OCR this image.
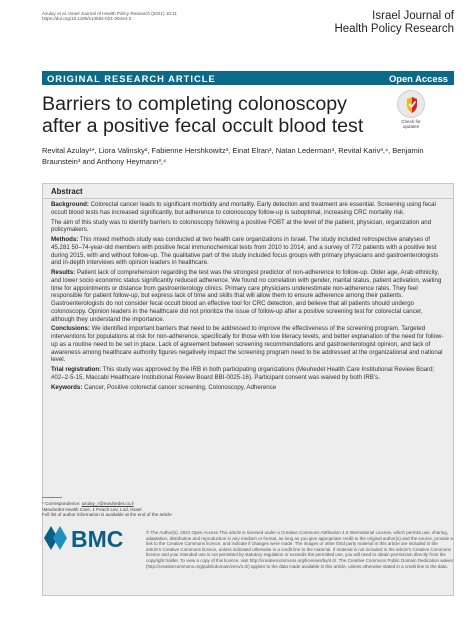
Azulay et al. Israel Journal of Health Policy Research (2021) 10:11
https://doi.org/10.1186/s13584-021-00444-2	Israel Journal of
Health Policy Research
ORIGINAL RESEARCH ARTICLE	Open Access
Barriers to completing colonoscopy after a positive fecal occult blood test	Check for
updates
Revital Azulay¹*, Liora Valinsky², Fabienne Hershkowitz³, Einat Elran³, Natan Lederman³, Revital Kariv³,⁴, Benjamin Braunstein³ and Anthony Heymann³,⁴
Abstract

Background: Colorectal cancer leads to significant morbidity and mortality. Early detection and treatment are essential. Screening using fecal occult blood tests has increased significantly, but adherence to colonoscopy follow-up is suboptimal, increasing CRC mortality risk.

The aim of this study was to identify barriers to colonoscopy following a positive FOBT at the level of the patient, physician, organization and policymakers.

Methods: This mixed methods study was conducted at two health care organizations in Israel. The study included retrospective analyses of 45,281 50–74-year-old members with positive fecal immunochemical tests from 2010 to 2014, and a survey of 772 patients with a positive test during 2015, with and without follow-up. The qualitative part of the study included focus groups with primary physicians and gastroenterologists and in-depth interviews with opinion leaders in healthcare.

Results: Patient lack of comprehension regarding the test was the strongest predictor of non-adherence to follow-up. Older age, Arab ethnicity, and lower socio economic status significantly reduced adherence. We found no correlation with gender, marital status, patient activation, waiting time for appointments or distance from gastroenterology clinics. Primary care physicians underestimate non-adherence rates. They feel responsible for patient follow-up, but express lack of time and skills that will allow them to ensure adherence among their patients. Gastroenterologists do not consider fecal occult blood an effective tool for CRC detection, and believe that all patients should undergo colonoscopy. Opinion leaders in the healthcare did not prioritize the issue of follow-up after a positive screening test for colorectal cancer, although they understand the importance.

Conclusions: We identified important barriers that need to be addressed to improve the effectiveness of the screening program. Targeted interventions for populations at risk for non-adherence, specifically for those with low literacy levels, and better explanation of the need for follow-up as a routine need to be set in place. Lack of agreement between screening recommendations and gastroenterologist opinion, and lack of awareness among healthcare authority figures negatively impact the screening program need to be addressed at the organizational and national level.

Trial registration: This study was approved by the IRB in both participating organizations (Meuhedet Health Care Institutional Review Board; #02–2-5-15, Maccabi Healthcare Institutional Review Board BBI-0025-16). Participant consent was waived by both IRB’s.

Keywords: Cancer, Positive colorectal cancer screening, Colonoscopy, Adherence

* Correspondence: azulay_r@meuhedet.co.il
¹Meuhedet Health Care, 1 Peach Lev, Lod, Israel
Full list of author information is available at the end of the article
BMC	© The Author(s). 2021 Open Access This article is licensed under a Creative Commons Attribution 4.0 International License, which permits use, sharing, adaptation, distribution and reproduction in any medium or format, as long as you give appropriate credit to the original author(s) and the source, provide a link to the Creative Commons licence, and indicate if changes were made. The images or other third party material in this article are included in the article's Creative Commons licence, unless indicated otherwise in a credit line to the material. If material is not included in the article's Creative Commons licence and your intended use is not permitted by statutory regulation or exceeds the permitted use, you will need to obtain permission directly from the copyright holder. To view a copy of this licence, visit http://creativecommons.org/licenses/by/4.0/. The Creative Commons Public Domain Dedication waiver (http://creativecommons.org/publicdomain/zero/1.0/) applies to the data made available in this article, unless otherwise stated in a credit line to the data.
